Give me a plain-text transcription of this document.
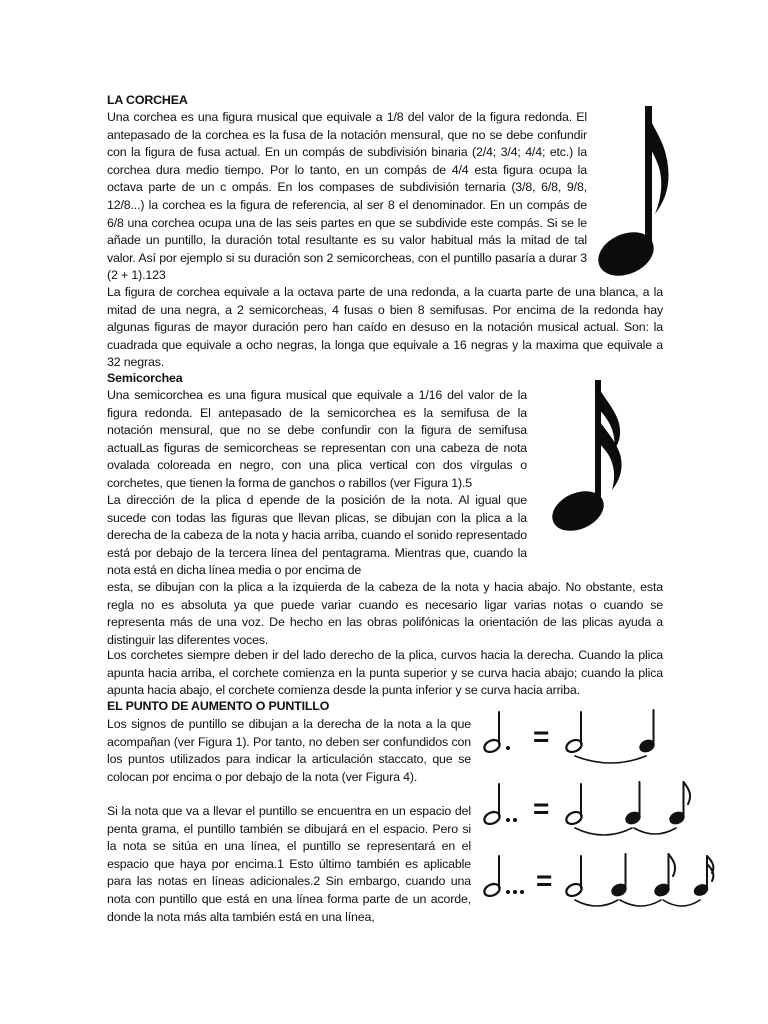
LA CORCHEA

Una corchea es una figura musical que equivale a 1/8 del valor de la figura redonda. El antepasado de la corchea es la fusa de la notación mensural, que no se debe confundir con la figura de fusa actual. En un compás de subdivisión binaria (2/4; 3/4; 4/4; etc.) la corchea dura medio tiempo. Por lo tanto, en un compás de 4/4 esta figura ocupa la octava parte de un c ompás. En los compases de subdivisión ternaria (3/8, 6/8, 9/8, 12/8...) la corchea es la figura de referencia, al ser 8 el denominador. En un compás de 6/8 una corchea ocupa una de las seis partes en que se subdivide este compás. Si se le añade un puntillo, la duración total resultante es su valor habitual más la mitad de tal valor. Así por ejemplo si su duración son 2 semicorcheas, con el puntillo pasaría a durar 3 (2 + 1).123

La figura de corchea equivale a la octava parte de una redonda, a la cuarta parte de una blanca, a la mitad de una negra, a 2 semicorcheas, 4 fusas o bien 8 semifusas. Por encima de la redonda hay algunas figuras de mayor duración pero han caído en desuso en la notación musical actual. Son: la cuadrada que equivale a ocho negras, la longa que equivale a 16 negras y la maxima que equivale a 32 negras.

Semicorchea

Una semicorchea es una figura musical que equivale a 1/16 del valor de la figura redonda. El antepasado de la semicorchea es la semifusa de la notación mensural, que no se debe confundir con la figura de semifusa actualLas figuras de semicorcheas se representan con una cabeza de nota ovalada coloreada en negro, con una plica vertical con dos vírgulas o corchetes, que tienen la forma de ganchos o rabillos (ver Figura 1).5

La dirección de la plica d epende de la posición de la nota. Al igual que sucede con todas las figuras que llevan plicas, se dibujan con la plica a la derecha de la cabeza de la nota y hacia arriba, cuando el sonido representado está por debajo de la tercera línea del pentagrama. Mientras que, cuando la nota está en dicha línea media o por encima de

esta, se dibujan con la plica a la izquierda de la cabeza de la nota y hacia abajo. No obstante, esta regla no es absoluta ya que puede variar cuando es necesario ligar varias notas o cuando se representa más de una voz. De hecho en las obras polifónicas la orientación de las plicas ayuda a distinguir las diferentes voces.

Los corchetes siempre deben ir del lado derecho de la plica, curvos hacia la derecha. Cuando la plica apunta hacia arriba, el corchete comienza en la punta superior y se curva hacia abajo; cuando la plica apunta hacia abajo, el corchete comienza desde la punta inferior y se curva hacia arriba.

EL PUNTO DE AUMENTO O PUNTILLO

Los signos de puntillo se dibujan a la derecha de la nota a la que acompañan (ver Figura 1). Por tanto, no deben ser confundidos con los puntos utilizados para indicar la articulación staccato, que se colocan por encima o por debajo de la nota (ver Figura 4).

Si la nota que va a llevar el puntillo se encuentra en un espacio del penta grama, el puntillo también se dibujará en el espacio. Pero si la nota se sitúa en una línea, el puntillo se representará en el espacio que haya por encima.1 Esto último también es aplicable para las notas en líneas adicionales.2 Sin embargo, cuando una nota con puntillo que está en una línea forma parte de un acorde, donde la nota más alta también está en una línea,

=
=
=
